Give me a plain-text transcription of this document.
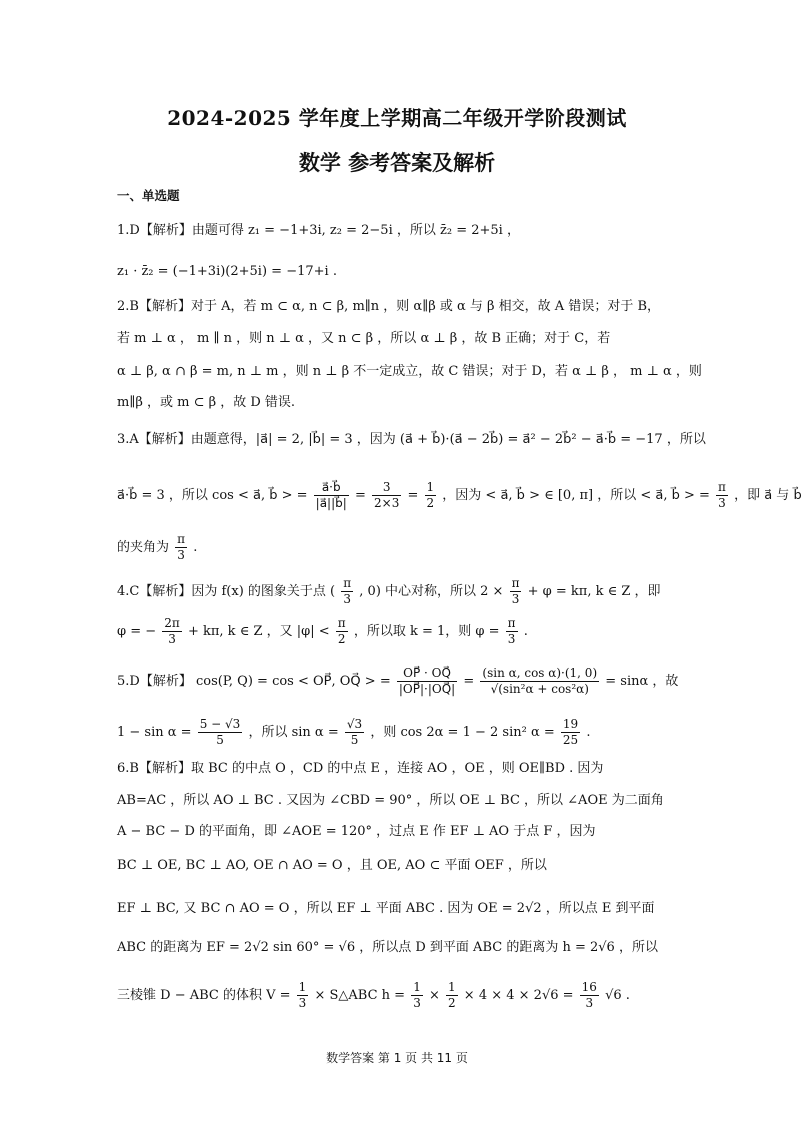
2024-2025 学年度上学期高二年级开学阶段测试
数学 参考答案及解析
一、单选题
1.D【解析】由题可得 z₁ = −1+3i, z₂ = 2−5i ，所以 z̄₂ = 2+5i ，
z₁ · z̄₂ = (−1+3i)(2+5i) = −17+i .
2.B【解析】对于 A，若 m ⊂ α, n ⊂ β, m∥n ，则 α∥β 或 α 与 β 相交，故 A 错误；对于 B，
若 m ⊥ α ， m ∥ n ，则 n ⊥ α ，又 n ⊂ β ，所以 α ⊥ β ，故 B 正确；对于 C，若
α ⊥ β, α ∩ β = m, n ⊥ m ，则 n ⊥ β 不一定成立，故 C 错误；对于 D，若 α ⊥ β ， m ⊥ α ，则
m∥β ，或 m ⊂ β ，故 D 错误.
3.A【解析】由题意得，|a⃗| = 2, |b⃗| = 3 ，因为 (a⃗ + b⃗)·(a⃗ − 2b⃗) = a⃗² − 2b⃗² − a⃗·b⃗ = −17 ，所以
a⃗·b⃗ = 3 ，所以 cos < a⃗, b⃗ > = $\frac{a⃗\cdot b⃗}{|a⃗||b⃗|} = \frac{3}{2\times 3} = \frac{1}{2}$ ，因为 < a⃗, b⃗ > ∈ [0, π] ，所以 < a⃗, b⃗ > = $\frac{\pi}{3}$ ，即 a⃗ 与 b⃗
的夹角为 $\frac{\pi}{3}$ .
4.C【解析】因为 f(x) 的图象关于点 ( $\frac{\pi}{3}$ , 0) 中心对称，所以 $2 \times \frac{\pi}{3} + \varphi = k\pi$, k ∈ Z ，即
φ = − $\frac{2\pi}{3} + k\pi$, k ∈ Z ，又 $|\varphi| < \frac{\pi}{2}$ ，所以取 k = 1，则 $\varphi = \frac{\pi}{3}$ .
5.D【解析】 cos(P, Q) = cos < OP⃗, OQ⃗ > = $\frac{OP⃗ \cdot OQ⃗}{|OP⃗|\cdot|OQ⃗|} = \frac{\text{(sin α, cos α)·(1, 0)}}{\text{√(sin²α + cos²α)}} = \sin\alpha$ ，故
$1 - \sin \alpha = \frac{5 - √3}{5}$ ，所以 $\sin \alpha = \frac{√3}{5}$ ，则 cos 2α = 1 − 2 sin² $\alpha = \frac{19}{25}$ .
6.B【解析】取 BC 的中点 O ，CD 的中点 E ，连接 AO ，OE ，则 OE∥BD . 因为
AB=AC ，所以 AO ⊥ BC . 又因为 ∠CBD = 90° ，所以 OE ⊥ BC ，所以 ∠AOE 为二面角
A − BC − D 的平面角，即 ∠AOE = 120° ，过点 E 作 EF ⊥ AO 于点 F ，因为
BC ⊥ OE, BC ⊥ AO, OE ∩ AO = O ，且 OE, AO ⊂ 平面 OEF ，所以
EF ⊥ BC, 又 BC ∩ AO = O ，所以 EF ⊥ 平面 ABC . 因为 OE = 2√2 ，所以点 E 到平面
ABC 的距离为 EF = 2√2 sin 60° = √6 ，所以点 D 到平面 ABC 的距离为 h = 2√6 ，所以
三棱锥 D − ABC 的体积 $V = \frac{1}{3}$ × S△ABC $h = \frac{1}{3} \times \frac{1}{2} \times 4 \times 4 \times 2√6 = \frac{16}{3} √6$ .
数学答案 第 1 页 共 11 页
